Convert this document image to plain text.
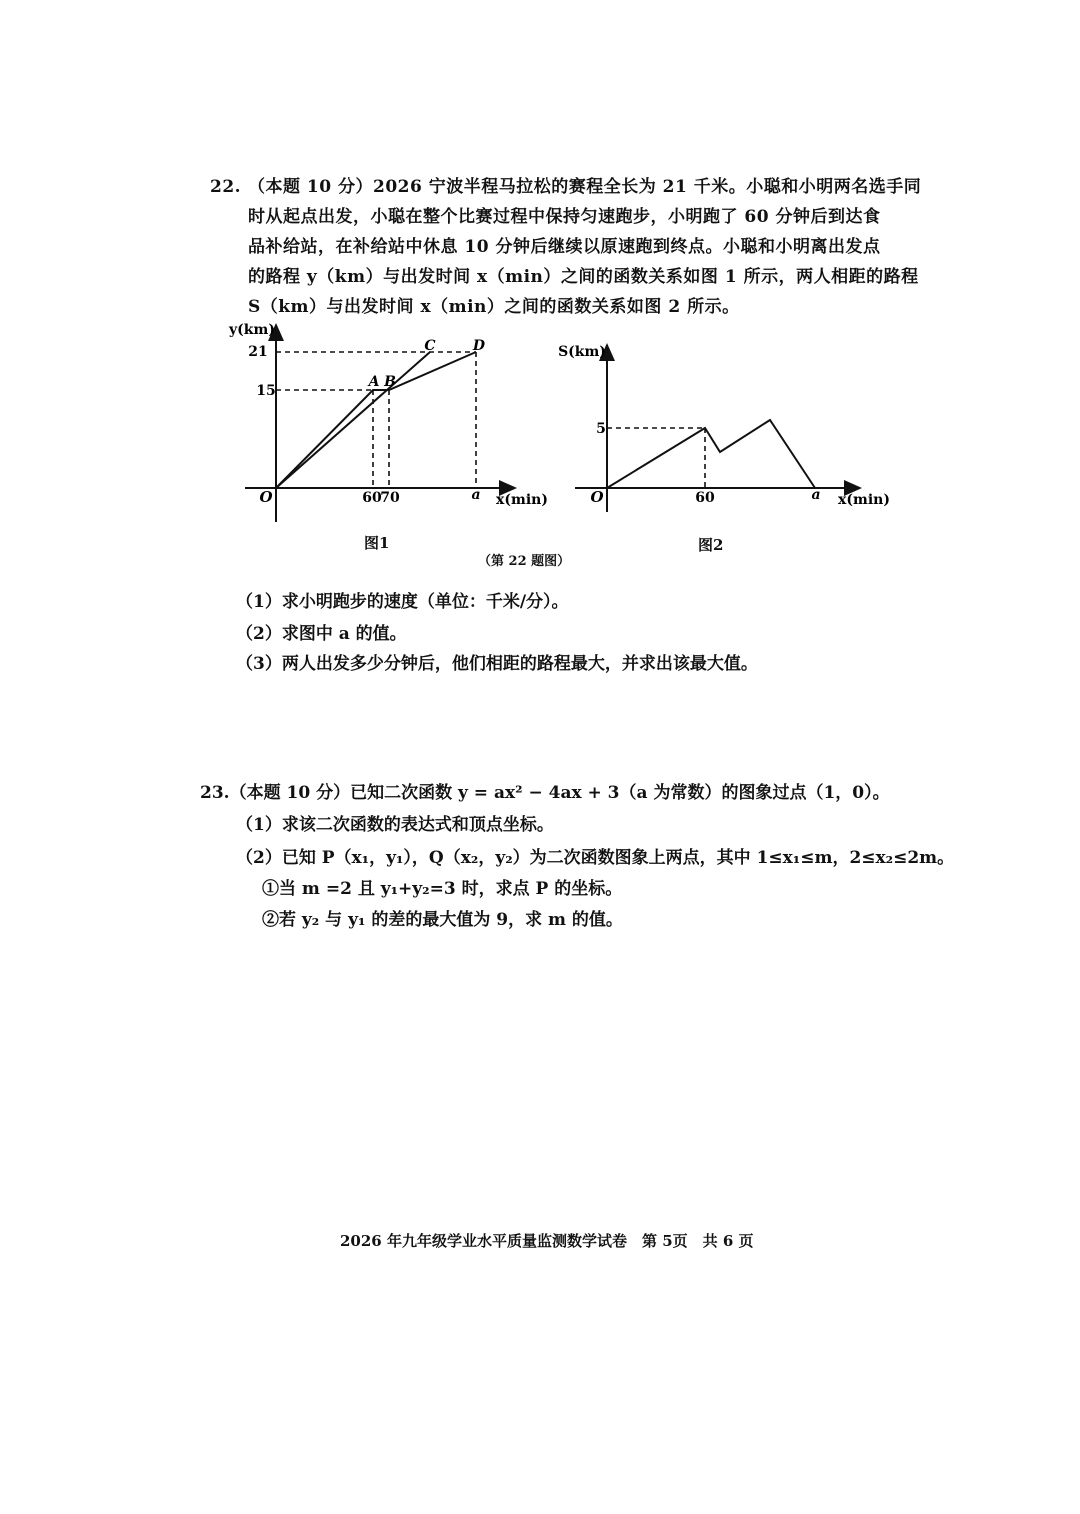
22. （本题 10 分）2026 宁波半程马拉松的赛程全长为 21 千米。小聪和小明两名选手同
时从起点出发，小聪在整个比赛过程中保持匀速跑步，小明跑了 60 分钟后到达食
品补给站，在补给站中休息 10 分钟后继续以原速跑到终点。小聪和小明离出发点
的路程 y（km）与出发时间 x（min）之间的函数关系如图 1 所示，两人相距的路程
S（km）与出发时间 x（min）之间的函数关系如图 2 所示。
21
15
O	60
70	a x(min)
y(km)
A B
C	D
图1
5
O	60	a x(min)
S(km)
图2
（第 22 题图）
（1）求小明跑步的速度（单位：千米/分）。
（2）求图中 a 的值。
（3）两人出发多少分钟后，他们相距的路程最大，并求出该最大值。
23.（本题 10 分）已知二次函数 y = ax² − 4ax + 3（a 为常数）的图象过点（1，0）。
（1）求该二次函数的表达式和顶点坐标。
（2）已知 P（x₁，y₁），Q（x₂，y₂）为二次函数图象上两点，其中 1≤x₁≤m，2≤x₂≤2m。
①当 m =2 且 y₁+y₂=3 时，求点 P 的坐标。
②若 y₂ 与 y₁ 的差的最大值为 9，求 m 的值。
2026 年九年级学业水平质量监测数学试卷　第 5页　共 6 页
